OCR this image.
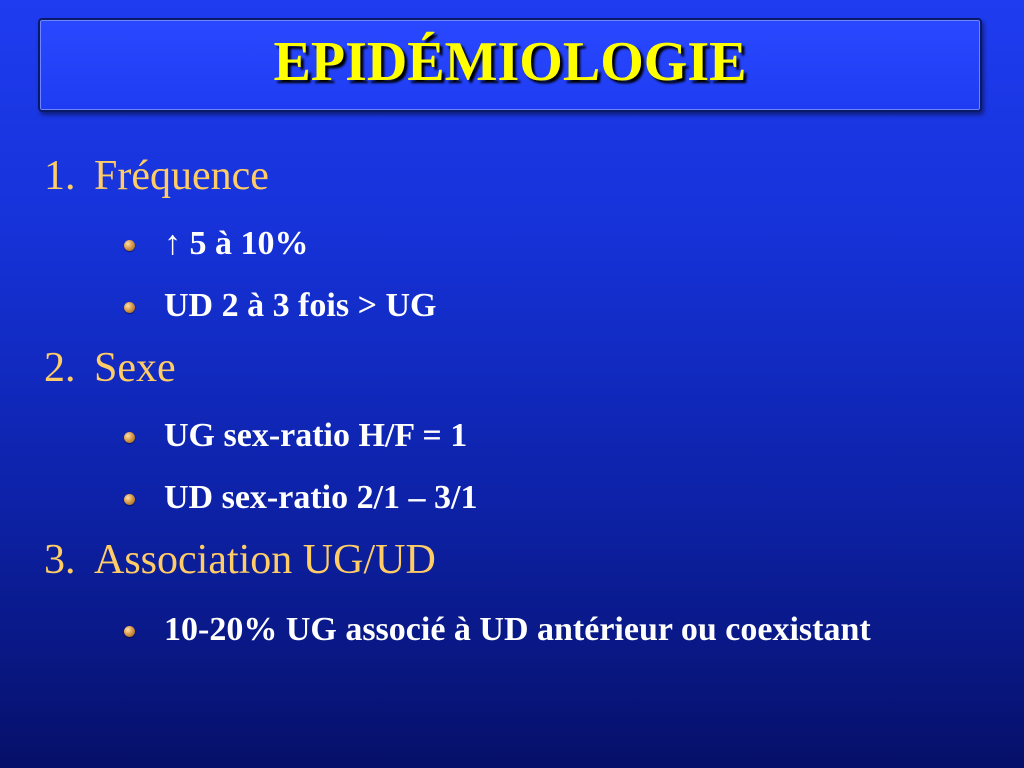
EPIDÉMIOLOGIE
1. Fréquence
↑ 5 à 10%
UD 2 à 3 fois > UG
2. Sexe
UG sex-ratio H/F = 1
UD sex-ratio 2/1 – 3/1
3. Association UG/UD
10-20% UG associé à UD antérieur ou coexistant
